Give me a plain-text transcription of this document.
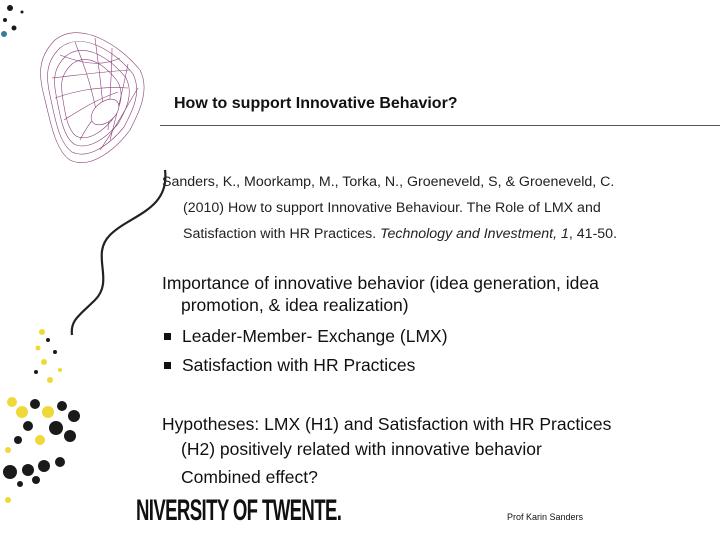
How to support Innovative Behavior?
Sanders, K., Moorkamp, M., Torka, N., Groeneveld, S, & Groeneveld, C.
(2010) How to support Innovative Behaviour. The Role of LMX and
Satisfaction with HR Practices. Technology and Investment, 1, 41-50.
Importance of innovative behavior (idea generation, idea
promotion, & idea realization)
Leader-Member- Exchange (LMX)
Satisfaction with HR Practices
Hypotheses: LMX (H1) and Satisfaction with HR Practices
(H2) positively related with innovative behavior
Combined effect?
NIVERSITY OF TWENTE.	Prof Karin Sanders
